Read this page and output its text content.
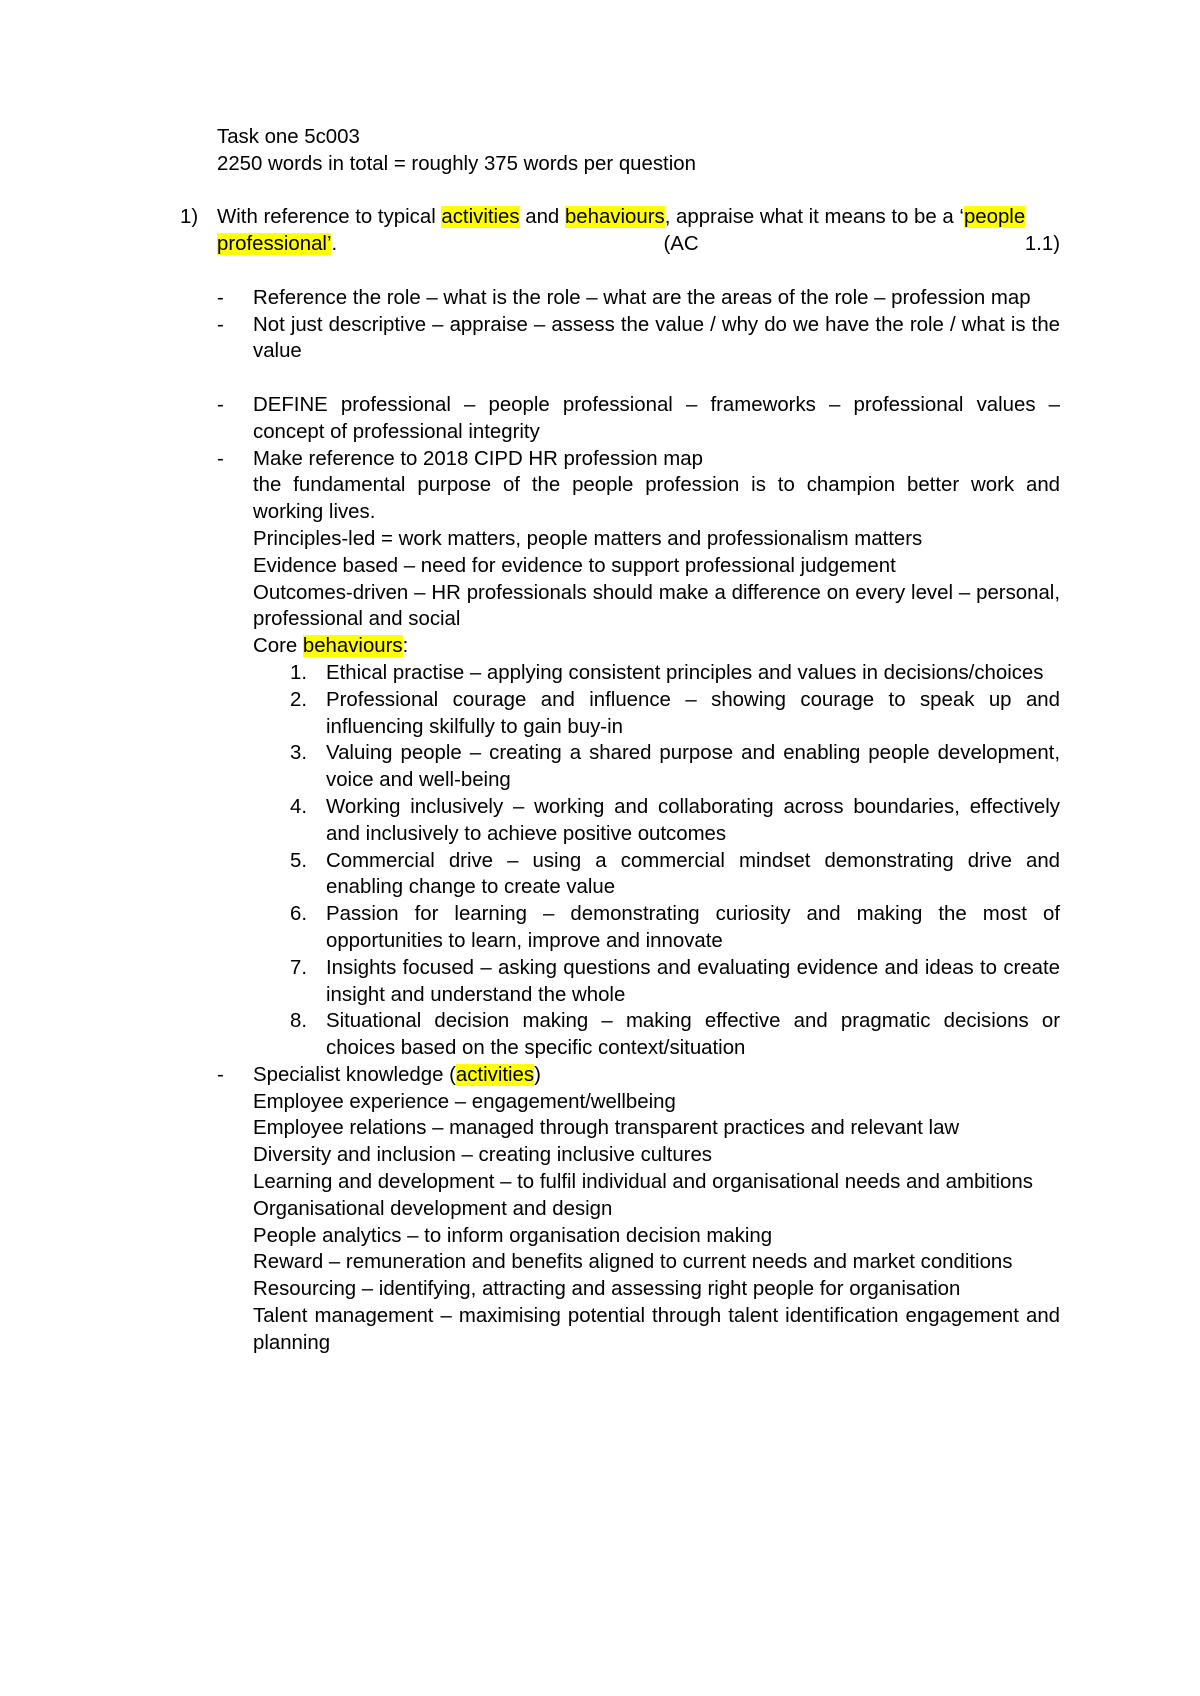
Task one 5c003

2250 words in total = roughly 375 words per question

1) With reference to typical activities and behaviours, appraise what it means to be a ‘people

professional’.	(AC	1.1)
- Reference the role – what is the role – what are the areas of the role – profession map

- Not just descriptive – appraise – assess the value / why do we have the role / what is the value

- DEFINE professional – people professional – frameworks – professional values – concept of professional integrity

- Make reference to 2018 CIPD HR profession map

the fundamental purpose of the people profession is to champion better work and working lives.

Principles-led = work matters, people matters and professionalism matters

Evidence based – need for evidence to support professional judgement

Outcomes-driven – HR professionals should make a difference on every level – personal, professional and social

Core behaviours:

1. Ethical practise – applying consistent principles and values in decisions/choices

2. Professional courage and influence – showing courage to speak up and influencing skilfully to gain buy-in

3. Valuing people – creating a shared purpose and enabling people development, voice and well-being

4. Working inclusively – working and collaborating across boundaries, effectively and inclusively to achieve positive outcomes

5. Commercial drive – using a commercial mindset demonstrating drive and enabling change to create value

6. Passion for learning – demonstrating curiosity and making the most of opportunities to learn, improve and innovate

7. Insights focused – asking questions and evaluating evidence and ideas to create insight and understand the whole

8. Situational decision making – making effective and pragmatic decisions or choices based on the specific context/situation

- Specialist knowledge (activities)

Employee experience – engagement/wellbeing

Employee relations – managed through transparent practices and relevant law

Diversity and inclusion – creating inclusive cultures

Learning and development – to fulfil individual and organisational needs and ambitions

Organisational development and design

People analytics – to inform organisation decision making

Reward – remuneration and benefits aligned to current needs and market conditions

Resourcing – identifying, attracting and assessing right people for organisation

Talent management – maximising potential through talent identification engagement and planning
